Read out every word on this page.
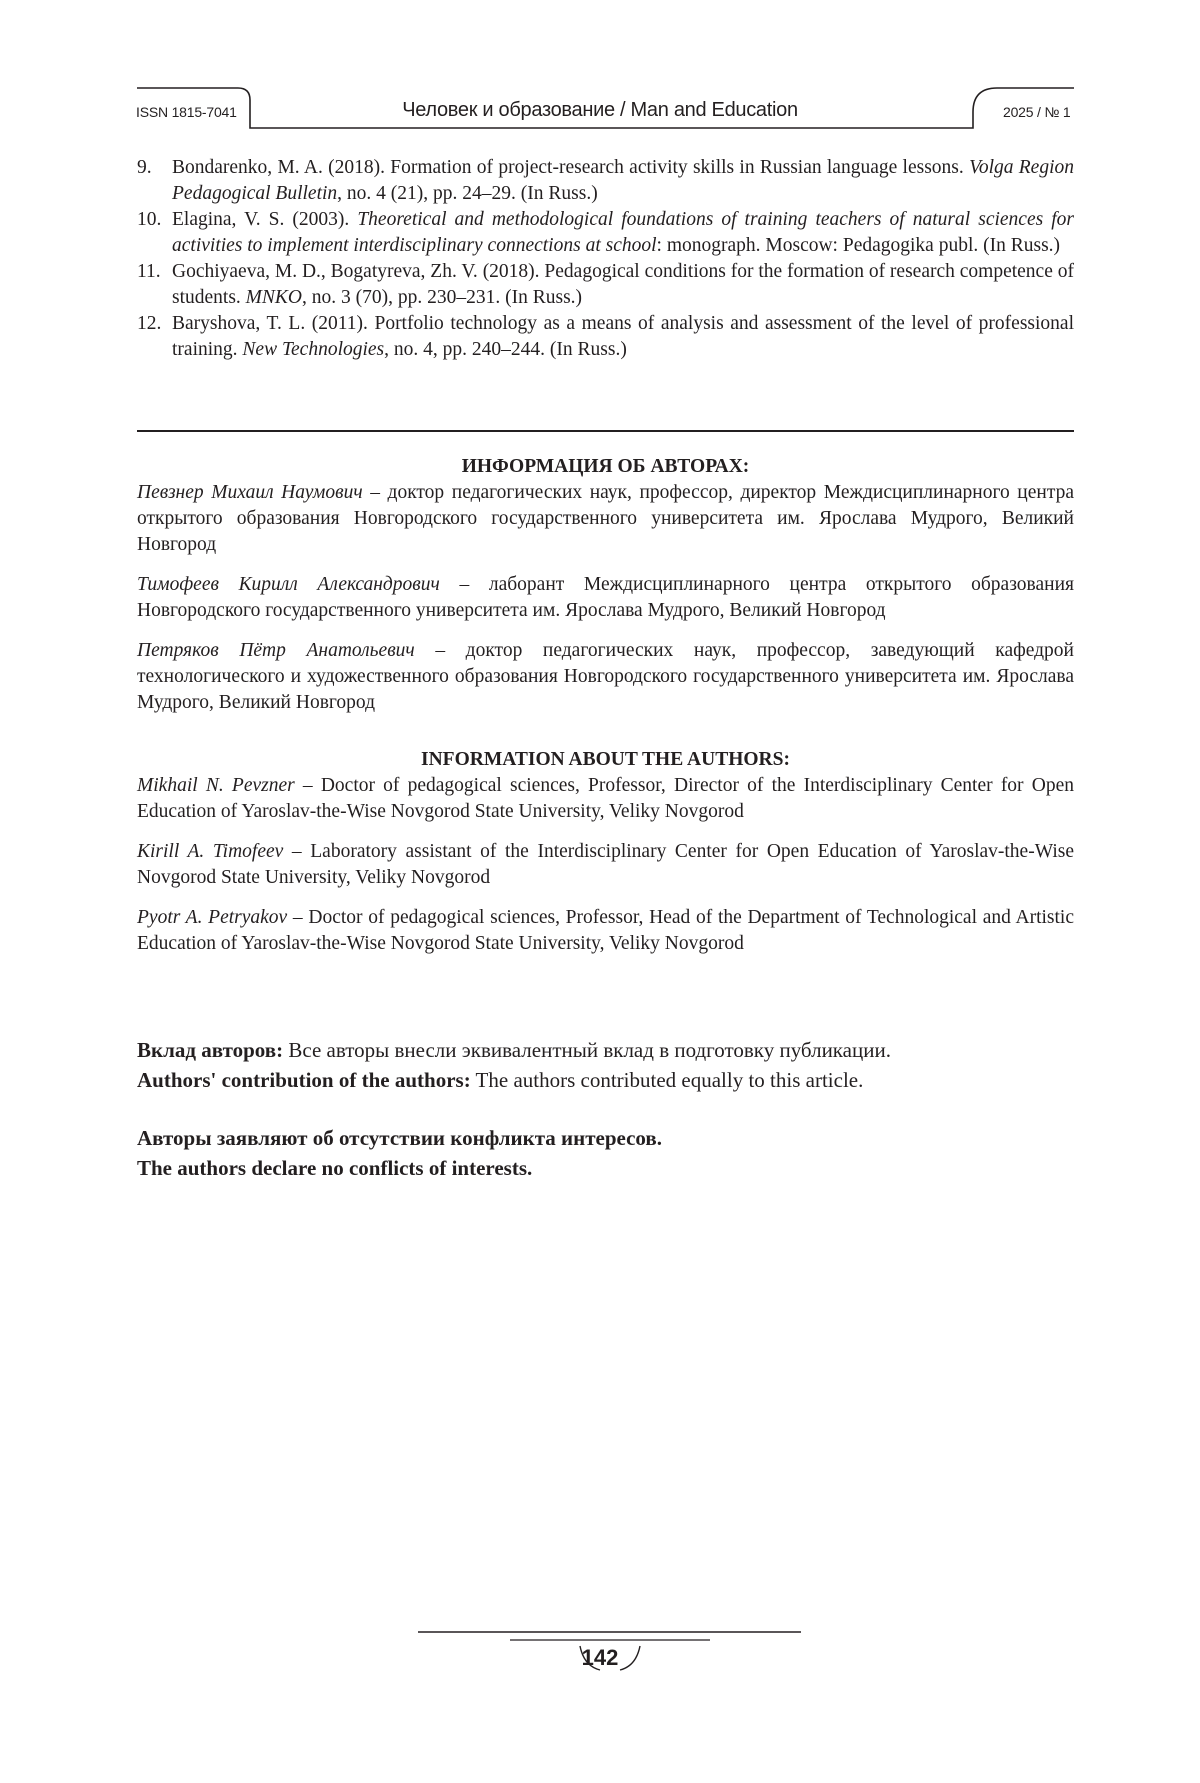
ISSN 1815-7041	Человек и образование / Man and Education	2025 / № 1
9. Bondarenko, M. A. (2018). Formation of project-research activity skills in Russian language lessons. Volga Region Pedagogical Bulletin, no. 4 (21), pp. 24–29. (In Russ.)
10. Elagina, V. S. (2003). Theoretical and methodological foundations of training teachers of natural sciences for activities to implement interdisciplinary connections at school: monograph. Moscow: Pedagogika publ. (In Russ.)
11. Gochiyaeva, M. D., Bogatyreva, Zh. V. (2018). Pedagogical conditions for the formation of research competence of students. MNKO, no. 3 (70), pp. 230–231. (In Russ.)
12. Baryshova, T. L. (2011). Portfolio technology as a means of analysis and assessment of the level of professional training. New Technologies, no. 4, pp. 240–244. (In Russ.)
ИНФОРМАЦИЯ ОБ АВТОРАХ:
Певзнер Михаил Наумович – доктор педагогических наук, профессор, директор Междисциплинарного центра открытого образования Новгородского государственного университета им. Ярослава Мудрого, Великий Новгород
Тимофеев Кирилл Александрович – лаборант Междисциплинарного центра открытого образования Новгородского государственного университета им. Ярослава Мудрого, Великий Новгород
Петряков Пётр Анатольевич – доктор педагогических наук, профессор, заведующий кафедрой технологического и художественного образования Новгородского государственного университета им. Ярослава Мудрого, Великий Новгород
INFORMATION ABOUT THE AUTHORS:
Mikhail N. Pevzner – Doctor of pedagogical sciences, Professor, Director of the Interdisciplinary Center for Open Education of Yaroslav-the-Wise Novgorod State University, Veliky Novgorod
Kirill A. Timofeev – Laboratory assistant of the Interdisciplinary Center for Open Education of Yaroslav-the-Wise Novgorod State University, Veliky Novgorod
Pyotr A. Petryakov – Doctor of pedagogical sciences, Professor, Head of the Department of Technological and Artistic Education of Yaroslav-the-Wise Novgorod State University, Veliky Novgorod

Вклад авторов: Все авторы внесли эквивалентный вклад в подготовку публикации.

Authors' contribution of the authors: The authors contributed equally to this article.

Авторы заявляют об отсутствии конфликта интересов.

The authors declare no conflicts of interests.

142
